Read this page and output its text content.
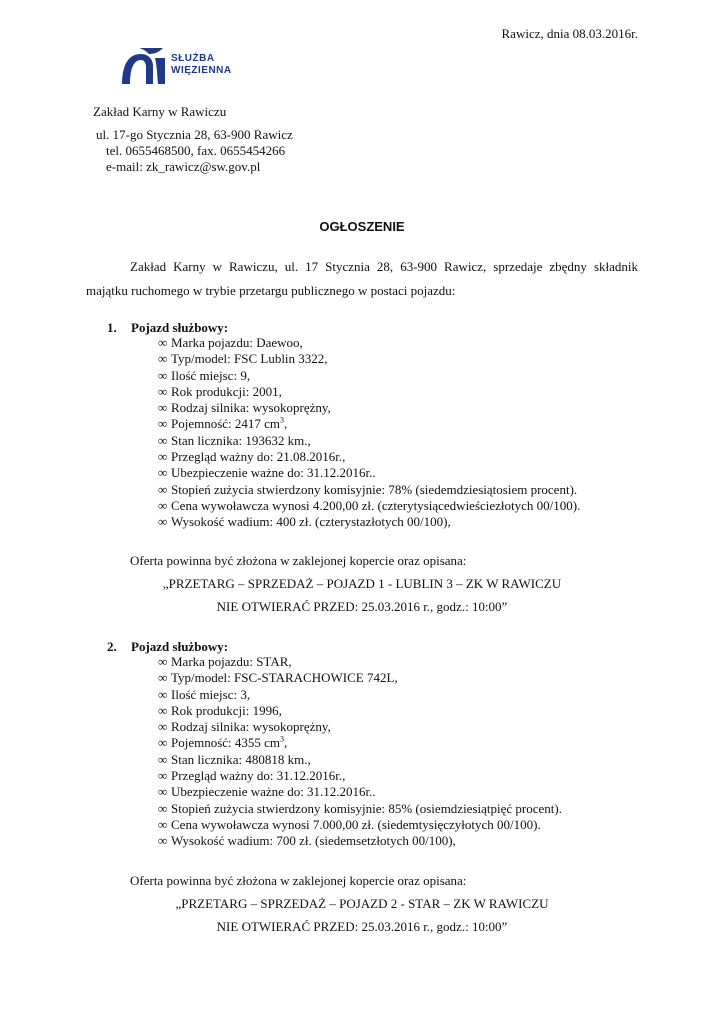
Rawicz, dnia 08.03.2016r.
SŁUŻBA
WIĘZIENNA
Zakład Karny w Rawiczu
ul. 17-go Stycznia 28, 63-900 Rawicz
tel. 0655468500, fax. 0655454266
e-mail: zk_rawicz@sw.gov.pl
OGŁOSZENIE
Zakład Karny w Rawiczu, ul. 17 Stycznia 28, 63-900 Rawicz, sprzedaje zbędny składnik
majątku ruchomego w trybie przetargu publicznego w postaci pojazdu:
1. Pojazd służbowy:
∞ Marka pojazdu: Daewoo,
∞ Typ/model: FSC Lublin 3322,
∞ Ilość miejsc: 9,
∞ Rok produkcji: 2001,
∞ Rodzaj silnika: wysokoprężny,
∞ Pojemność: 2417 $cm^3$,
∞ Stan licznika: 193632 km.,
∞ Przegląd ważny do: 21.08.2016r.,
∞ Ubezpieczenie ważne do: 31.12.2016r..
∞ Stopień zużycia stwierdzony komisyjnie: 78% (siedemdziesiątosiem procent).
∞ Cena wywoławcza wynosi 4.200,00 zł. (czterytysiącedwieściezłotych 00/100).
∞ Wysokość wadium: 400 zł. (czterystazłotych 00/100),
Oferta powinna być złożona w zaklejonej kopercie oraz opisana:
„PRZETARG – SPRZEDAŻ – POJAZD 1 - LUBLIN 3 – ZK W RAWICZU
NIE OTWIERAĆ PRZED: 25.03.2016 r., godz.: 10:00”
2. Pojazd służbowy:
∞ Marka pojazdu: STAR,
∞ Typ/model: FSC-STARACHOWICE 742L,
∞ Ilość miejsc: 3,
∞ Rok produkcji: 1996,
∞ Rodzaj silnika: wysokoprężny,
∞ Pojemność: 4355 $cm^3$,
∞ Stan licznika: 480818 km.,
∞ Przegląd ważny do: 31.12.2016r.,
∞ Ubezpieczenie ważne do: 31.12.2016r..
∞ Stopień zużycia stwierdzony komisyjnie: 85% (osiemdziesiątpięć procent).
∞ Cena wywoławcza wynosi 7.000,00 zł. (siedemtysięczyłotych 00/100).
∞ Wysokość wadium: 700 zł. (siedemsetzłotych 00/100),
Oferta powinna być złożona w zaklejonej kopercie oraz opisana:
„PRZETARG – SPRZEDAŻ – POJAZD 2 - STAR – ZK W RAWICZU
NIE OTWIERAĆ PRZED: 25.03.2016 r., godz.: 10:00”
